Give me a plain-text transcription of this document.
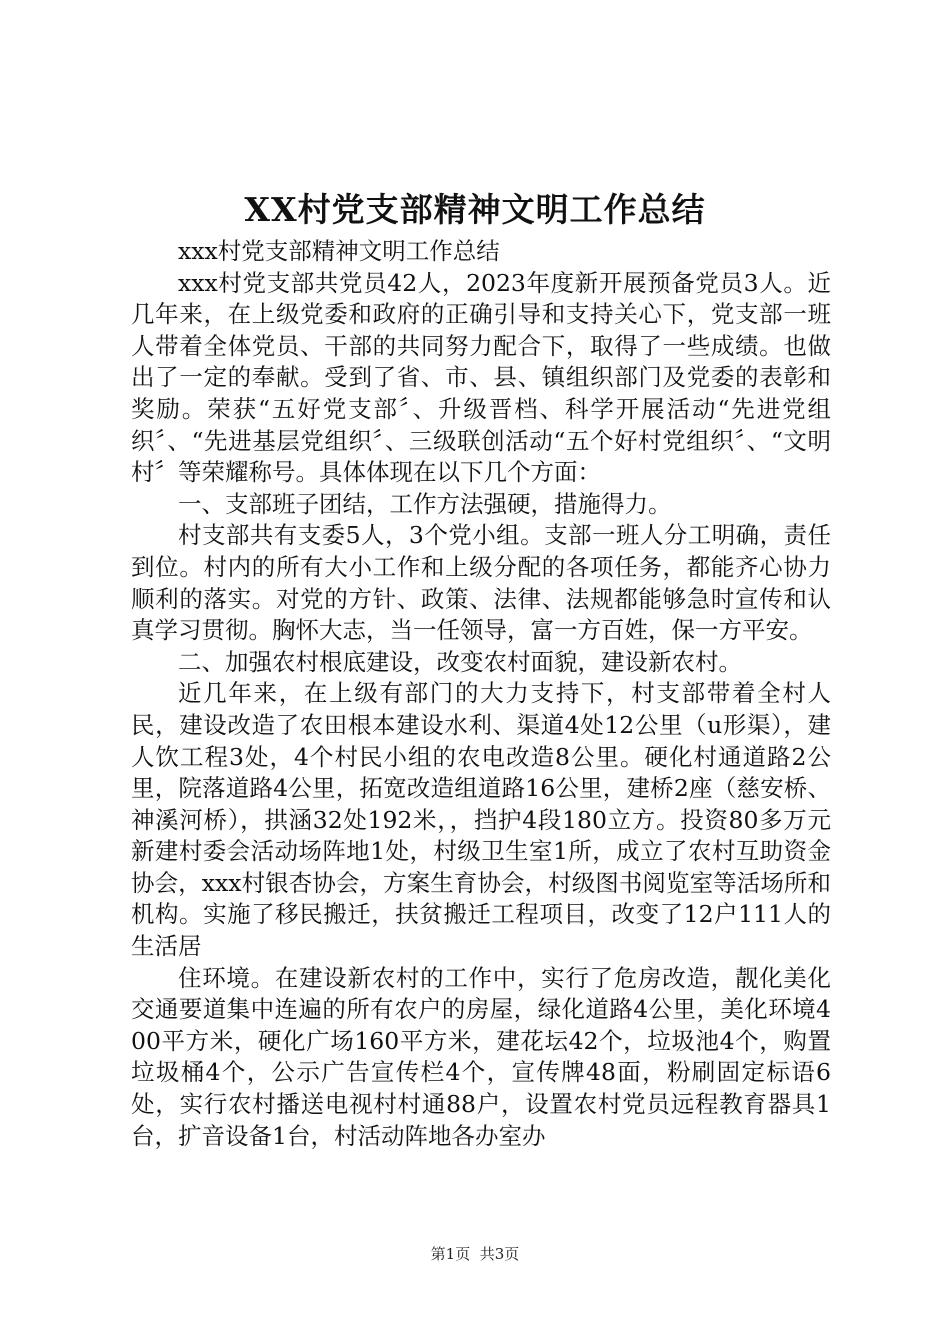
XX村党支部精神文明工作总结

xxx村党支部精神文明工作总结

xxx村党支部共党员42人，2023年度新开展预备党员3人。近几年来，在上级党委和政府的正确引导和支持关心下，党支部一班人带着全体党员、干部的共同努力配合下，取得了一些成绩。也做出了一定的奉献。受到了省、市、县、镇组织部门及党委的表彰和奖励。荣获“五好党支部〞、升级晋档、科学开展活动“先进党组织〞、“先进基层党组织〞、三级联创活动“五个好村党组织〞、“文明村〞等荣耀称号。具体体现在以下几个方面：

一、支部班子团结，工作方法强硬，措施得力。

村支部共有支委5人，3个党小组。支部一班人分工明确，责任到位。村内的所有大小工作和上级分配的各项任务，都能齐心协力顺利的落实。对党的方针、政策、法律、法规都能够急时宣传和认真学习贯彻。胸怀大志，当一任领导，富一方百姓，保一方平安。

二、加强农村根底建设，改变农村面貌，建设新农村。

近几年来，在上级有部门的大力支持下，村支部带着全村人民，建设改造了农田根本建设水利、渠道4处12公里（u形渠），建人饮工程3处，4个村民小组的农电改造8公里。硬化村通道路2公里，院落道路4公里，拓宽改造组道路16公里，建桥2座（慈安桥、神溪河桥），拱涵32处192米，，挡护4段180立方。投资80多万元新建村委会活动场阵地1处，村级卫生室1所，成立了农村互助资金协会，xxx村银杏协会，方案生育协会，村级图书阅览室等活场所和机构。实施了移民搬迁，扶贫搬迁工程项目，改变了12户111人的生活居

住环境。在建设新农村的工作中，实行了危房改造，靓化美化交通要道集中连遍的所有农户的房屋，绿化道路4公里，美化环境400平方米，硬化广场160平方米，建花坛42个，垃圾池4个，购置垃圾桶4个，公示广告宣传栏4个，宣传牌48面，粉刷固定标语6处，实行农村播送电视村村通88户，设置农村党员远程教育器具1台，扩音设备1台，村活动阵地各办室办

第1页 共3页
